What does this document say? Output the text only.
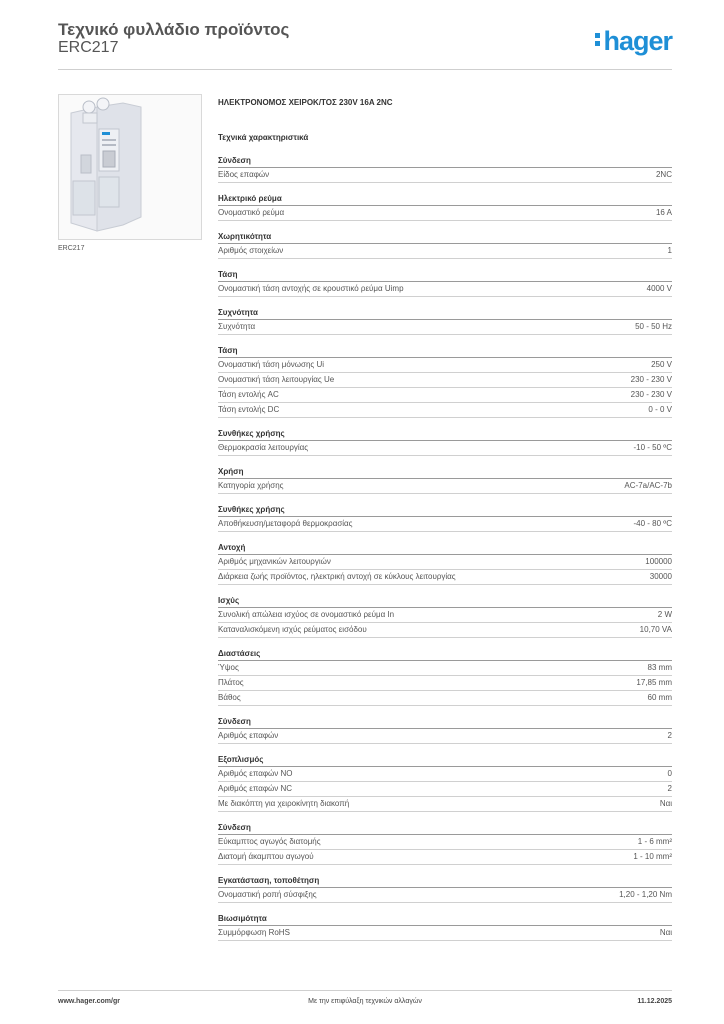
Τεχνικό φυλλάδιο προϊόντος
ERC217	hager
ERC217
ΗΛΕΚΤΡΟΝΟΜΟΣ ΧΕΙΡΟΚ/ΤΟΣ 230V 16A 2NC
Τεχνικά χαρακτηριστικά
Σύνδεση
Είδος επαφών	2NC
Ηλεκτρικό ρεύμα
Ονομαστικό ρεύμα	16 A
Χωρητικότητα
Αριθμός στοιχείων	1
Τάση
Ονομαστική τάση αντοχής σε κρουστικό ρεύμα Uimp	4000 V
Συχνότητα
Συχνότητα	50 - 50 Hz
Τάση
Ονομαστική τάση μόνωσης Ui	250 V
Ονομαστική τάση λειτουργίας Ue	230 - 230 V
Τάση εντολής AC	230 - 230 V
Τάση εντολής DC	0 - 0 V
Συνθήκες χρήσης
Θερμοκρασία λειτουργίας	-10 - 50 ºC
Χρήση
Κατηγορία χρήσης	AC-7a/AC-7b
Συνθήκες χρήσης
Αποθήκευση/μεταφορά θερμοκρασίας	-40 - 80 ºC
Αντοχή
Αριθμός μηχανικών λειτουργιών	100000
Διάρκεια ζωής προϊόντος, ηλεκτρική αντοχή σε κύκλους λειτουργίας	30000
Ισχύς
Συνολική απώλεια ισχύος σε ονομαστικό ρεύμα In	2 W
Καταναλισκόμενη ισχύς ρεύματος εισόδου	10,70 VA
Διαστάσεις
Ύψος	83 mm
Πλάτος	17,85 mm
Βάθος	60 mm
Σύνδεση
Αριθμός επαφών	2
Εξοπλισμός
Αριθμός επαφών NO	0
Αριθμός επαφών NC	2
Με διακόπτη για χειροκίνητη διακοπή	Ναι
Σύνδεση
Εύκαμπτος αγωγός διατομής	1 - 6 mm²
Διατομή άκαμπτου αγωγού	1 - 10 mm²
Εγκατάσταση, τοποθέτηση
Ονομαστική ροπή σύσφιξης	1,20 - 1,20 Nm
Βιωσιμότητα
Συμμόρφωση RoHS	Ναι
www.hager.com/gr	Με την επιφύλαξη τεχνικών αλλαγών	11.12.2025
